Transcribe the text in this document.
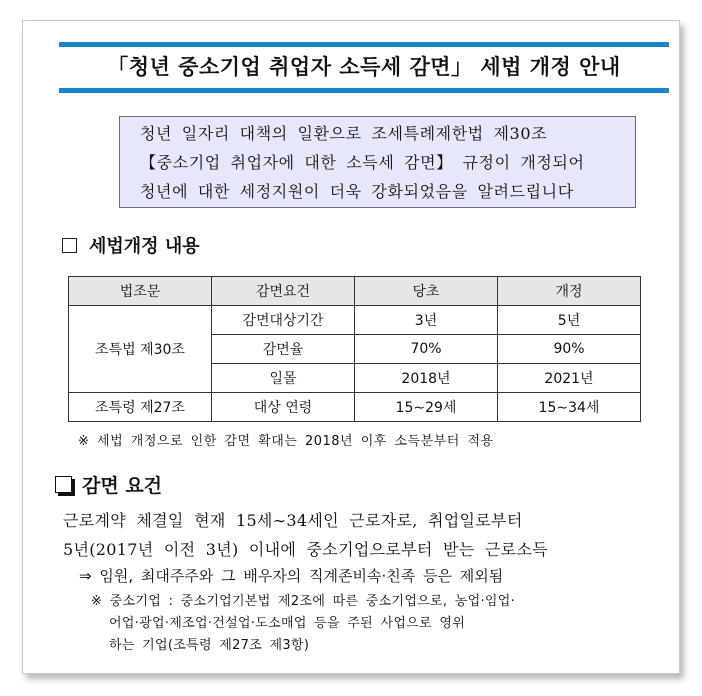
「청년 중소기업 취업자 소득세 감면」 세법 개정 안내
청년 일자리 대책의 일환으로 조세특례제한법 제30조
【중소기업 취업자에 대한 소득세 감면】 규정이 개정되어
청년에 대한 세정지원이 더욱 강화되었음을 알려드립니다
세법개정 내용
법조문	감면요건	당초	개정
조특법 제30조	감면대상기간	3년	5년
	감면율	70%	90%
	일몰	2018년	2021년
조특령 제27조	대상 연령	15∼29세	15∼34세
※ 세법 개정으로 인한 감면 확대는 2018년 이후 소득분부터 적용
감면 요건
근로계약 체결일 현재 15세∼34세인 근로자로, 취업일로부터
5년(2017년 이전 3년) 이내에 중소기업으로부터 받는 근로소득
⇒ 임원, 최대주주와 그 배우자의 직계존비속·친족 등은 제외됨
※ 중소기업 : 중소기업기본법 제2조에 따른 중소기업으로, 농업·임업·
어업·광업·제조업·건설업·도소매업 등을 주된 사업으로 영위
하는 기업(조특령 제27조 제3항)
